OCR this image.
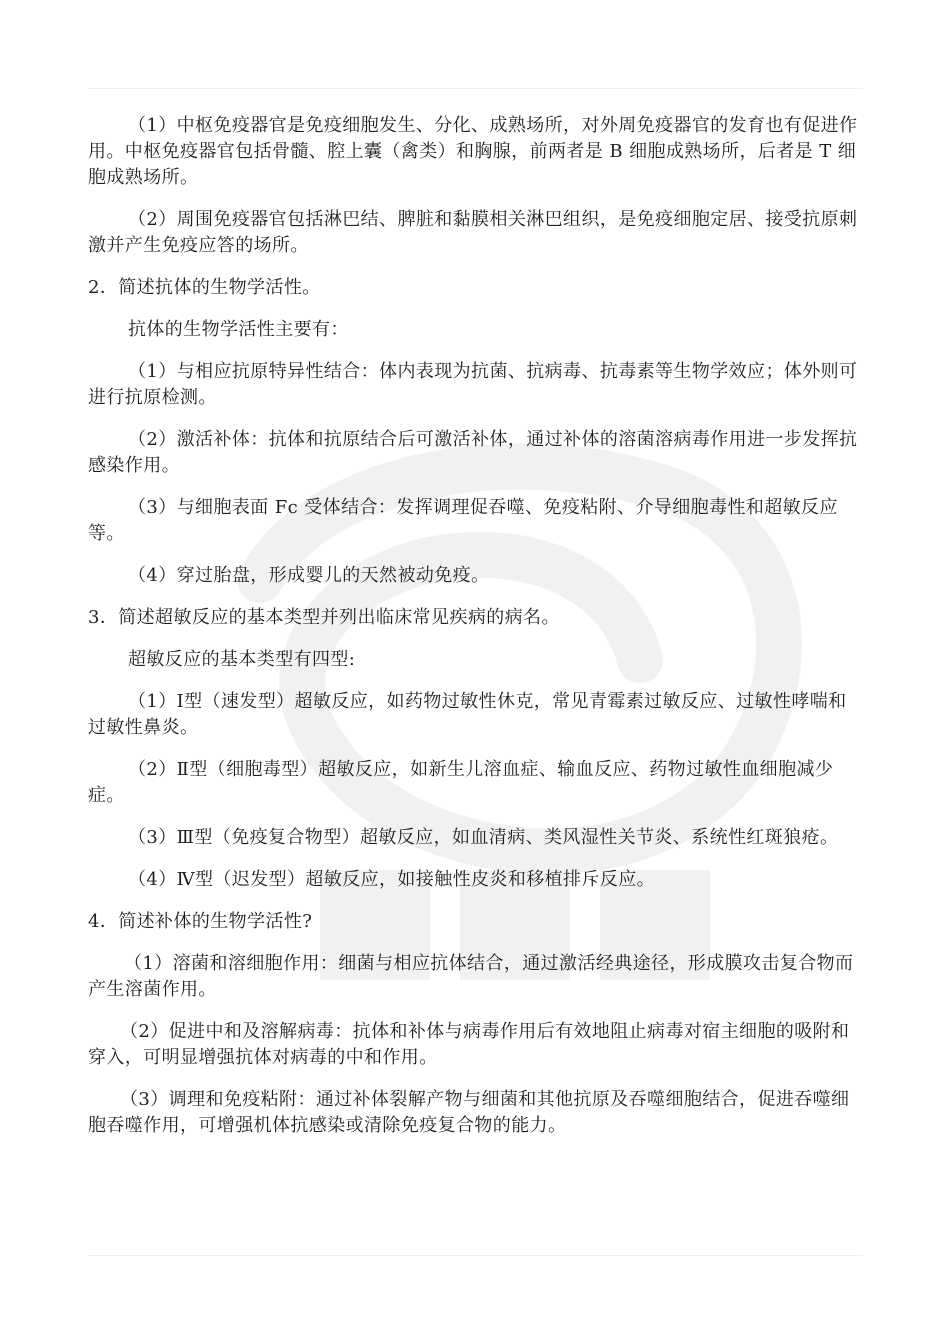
（1）中枢免疫器官是免疫细胞发生、分化、成熟场所，对外周免疫器官的发育也有促进作用。中枢免疫器官包括骨髓、腔上囊（禽类）和胸腺，前两者是 B 细胞成熟场所，后者是 T 细胞成熟场所。

（2）周围免疫器官包括淋巴结、脾脏和黏膜相关淋巴组织，是免疫细胞定居、接受抗原刺激并产生免疫应答的场所。

2．简述抗体的生物学活性。

抗体的生物学活性主要有：

（1）与相应抗原特异性结合：体内表现为抗菌、抗病毒、抗毒素等生物学效应；体外则可进行抗原检测。

（2）激活补体：抗体和抗原结合后可激活补体，通过补体的溶菌溶病毒作用进一步发挥抗感染作用。

（3）与细胞表面 Fc 受体结合：发挥调理促吞噬、免疫粘附、介导细胞毒性和超敏反应等。

（4）穿过胎盘，形成婴儿的天然被动免疫。

3．简述超敏反应的基本类型并列出临床常见疾病的病名。

超敏反应的基本类型有四型:

（1）Ⅰ型（速发型）超敏反应，如药物过敏性休克，常见青霉素过敏反应、过敏性哮喘和过敏性鼻炎。

（2）Ⅱ型（细胞毒型）超敏反应，如新生儿溶血症、输血反应、药物过敏性血细胞减少症。

（3）Ⅲ型（免疫复合物型）超敏反应，如血清病、类风湿性关节炎、系统性红斑狼疮。

（4）Ⅳ型（迟发型）超敏反应，如接触性皮炎和移植排斥反应。

4．简述补体的生物学活性?

（1）溶菌和溶细胞作用：细菌与相应抗体结合，通过激活经典途径，形成膜攻击复合物而产生溶菌作用。

（2）促进中和及溶解病毒：抗体和补体与病毒作用后有效地阻止病毒对宿主细胞的吸附和穿入，可明显增强抗体对病毒的中和作用。

（3）调理和免疫粘附：通过补体裂解产物与细菌和其他抗原及吞噬细胞结合，促进吞噬细胞吞噬作用，可增强机体抗感染或清除免疫复合物的能力。
